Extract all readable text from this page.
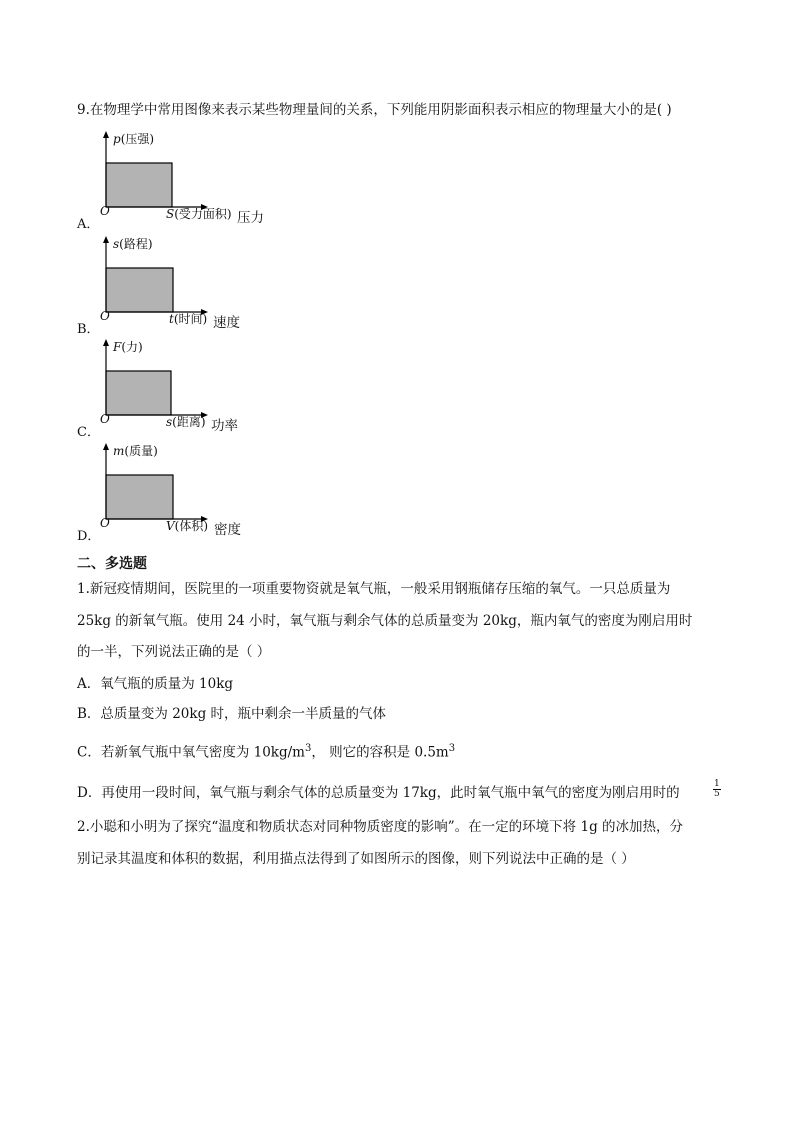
9.在物理学中常用图像来表示某些物理量间的关系，下列能用阴影面积表示相应的物理量大小的是( )
A．
p(压强)
O	S(受力面积) 压力
B．
s(路程)
O	t(时间) 速度
C．
F(力)
O	s(距离) 功率
D．
m(质量)
O	V(体积) 密度
二、多选题
1.新冠疫情期间，医院里的一项重要物资就是氧气瓶，一般采用钢瓶储存压缩的氧气。一只总质量为
25kg 的新氧气瓶。使用 24 小时，氧气瓶与剩余气体的总质量变为 20kg，瓶内氧气的密度为刚启用时
的一半，下列说法正确的是（ ）
A．氧气瓶的质量为 10kg
B．总质量变为 20kg 时，瓶中剩余一半质量的气体
C．若新氧气瓶中氧气密度为 $10kg/m^3$， 则它的容积是 $0.5m^3$
D．再使用一段时间，氧气瓶与剩余气体的总质量变为 17kg，此时氧气瓶中氧气的密度为刚启用时的	$\frac{1}{5}$
2.小聪和小明为了探究“温度和物质状态对同种物质密度的影响”。在一定的环境下将 1g 的冰加热，分
别记录其温度和体积的数据，利用描点法得到了如图所示的图像，则下列说法中正确的是（ ）
